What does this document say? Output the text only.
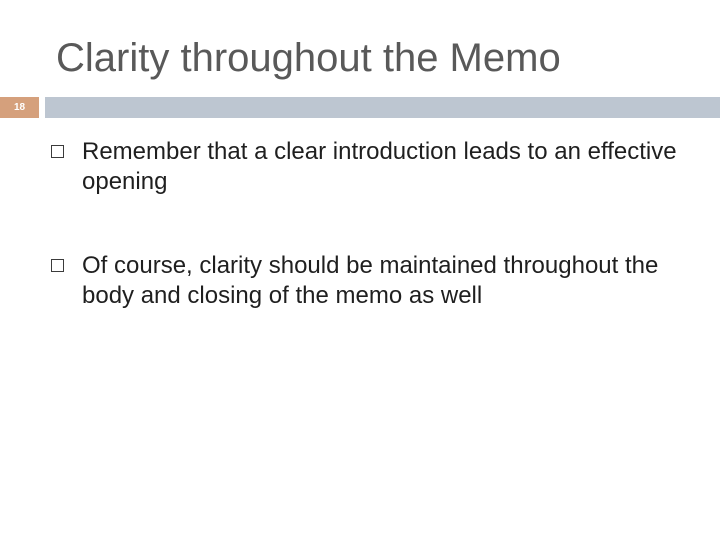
Clarity throughout the Memo
18
Remember that a clear introduction leads to an effective opening
Of course, clarity should be maintained throughout the body and closing of the memo as well
